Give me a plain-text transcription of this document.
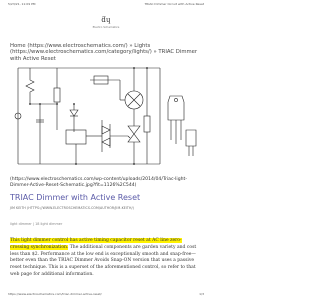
5/23/21, 11:09 PM	TRIAC Dimmer Circuit with Active Reset
ƌɥ
Electro Schematics
Home (https://www.electroschematics.com/) » Lights (https://www.electroschematics.com/category/lights/) » TRIAC Dimmer with Active Reset
(https://www.electroschematics.com/wp-content/uploads/2014/04/Triac-light-Dimmer-Active-Reset-Schematic.jpg?fit=1126%2C544)
TRIAC Dimmer with Active Reset
JIM KEITH (HTTPS://WWW.ELECTROSCHEMATICS.COM/AUTHOR/JIM-KEITH/)
light dimmer | 18 light dimmer

This light dimmer control has active timing capacitor reset at AC line zero-crossing synchronization. The additional components are garden variety and cost less than $2. Performance at the low end is exceptionally smooth and snap-free—better even than the TRIAC Dimmer Avoids Snap-ON version that uses a passive reset technique. This is a superset of the aforementioned control, so refer to that web page for additional information.

https://www.electroschematics.com/triac-dimmer-active-reset/	1/3
